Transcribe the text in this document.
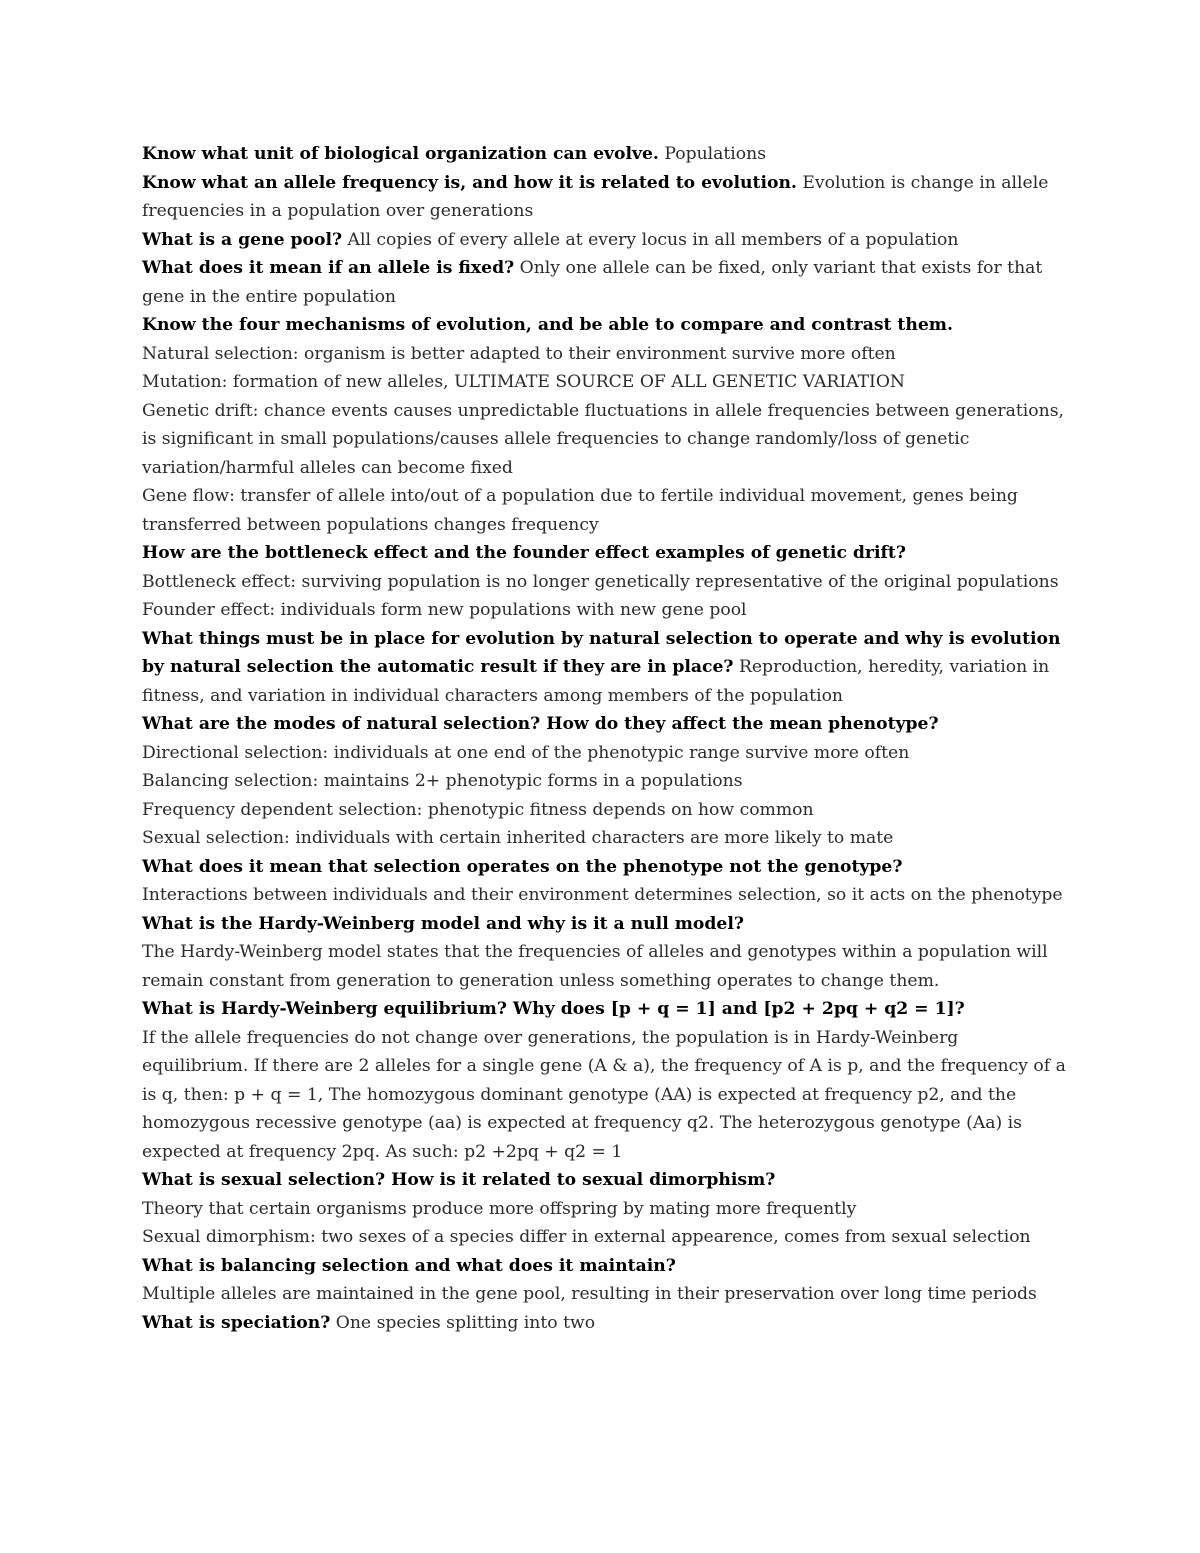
Know what unit of biological organization can evolve. Populations

Know what an allele frequency is, and how it is related to evolution. Evolution is change in allele frequencies in a population over generations

What is a gene pool? All copies of every allele at every locus in all members of a population

What does it mean if an allele is fixed? Only one allele can be fixed, only variant that exists for that gene in the entire population

Know the four mechanisms of evolution, and be able to compare and contrast them.

Natural selection: organism is better adapted to their environment survive more often

Mutation: formation of new alleles, ULTIMATE SOURCE OF ALL GENETIC VARIATION

Genetic drift: chance events causes unpredictable fluctuations in allele frequencies between generations, is significant in small populations/causes allele frequencies to change randomly/loss of genetic variation/harmful alleles can become fixed

Gene flow: transfer of allele into/out of a population due to fertile individual movement, genes being transferred between populations changes frequency

How are the bottleneck effect and the founder effect examples of genetic drift?

Bottleneck effect: surviving population is no longer genetically representative of the original populations

Founder effect: individuals form new populations with new gene pool

What things must be in place for evolution by natural selection to operate and why is evolution by natural selection the automatic result if they are in place? Reproduction, heredity, variation in fitness, and variation in individual characters among members of the population

What are the modes of natural selection? How do they affect the mean phenotype?

Directional selection: individuals at one end of the phenotypic range survive more often

Balancing selection: maintains 2+ phenotypic forms in a populations

Frequency dependent selection: phenotypic fitness depends on how common

Sexual selection: individuals with certain inherited characters are more likely to mate

What does it mean that selection operates on the phenotype not the genotype?

Interactions between individuals and their environment determines selection, so it acts on the phenotype

What is the Hardy-Weinberg model and why is it a null model?

The Hardy-Weinberg model states that the frequencies of alleles and genotypes within a population will remain constant from generation to generation unless something operates to change them.

What is Hardy-Weinberg equilibrium? Why does [p + q = 1] and [p2 + 2pq + q2 = 1]?

If the allele frequencies do not change over generations, the population is in Hardy-Weinberg equilibrium. If there are 2 alleles for a single gene (A & a), the frequency of A is p, and the frequency of a is q, then: p + q = 1, The homozygous dominant genotype (AA) is expected at frequency p2, and the homozygous recessive genotype (aa) is expected at frequency q2. The heterozygous genotype (Aa) is expected at frequency 2pq. As such: p2 +2pq + q2 = 1

What is sexual selection? How is it related to sexual dimorphism?

Theory that certain organisms produce more offspring by mating more frequently

Sexual dimorphism: two sexes of a species differ in external appearence, comes from sexual selection

What is balancing selection and what does it maintain?

Multiple alleles are maintained in the gene pool, resulting in their preservation over long time periods

What is speciation? One species splitting into two
